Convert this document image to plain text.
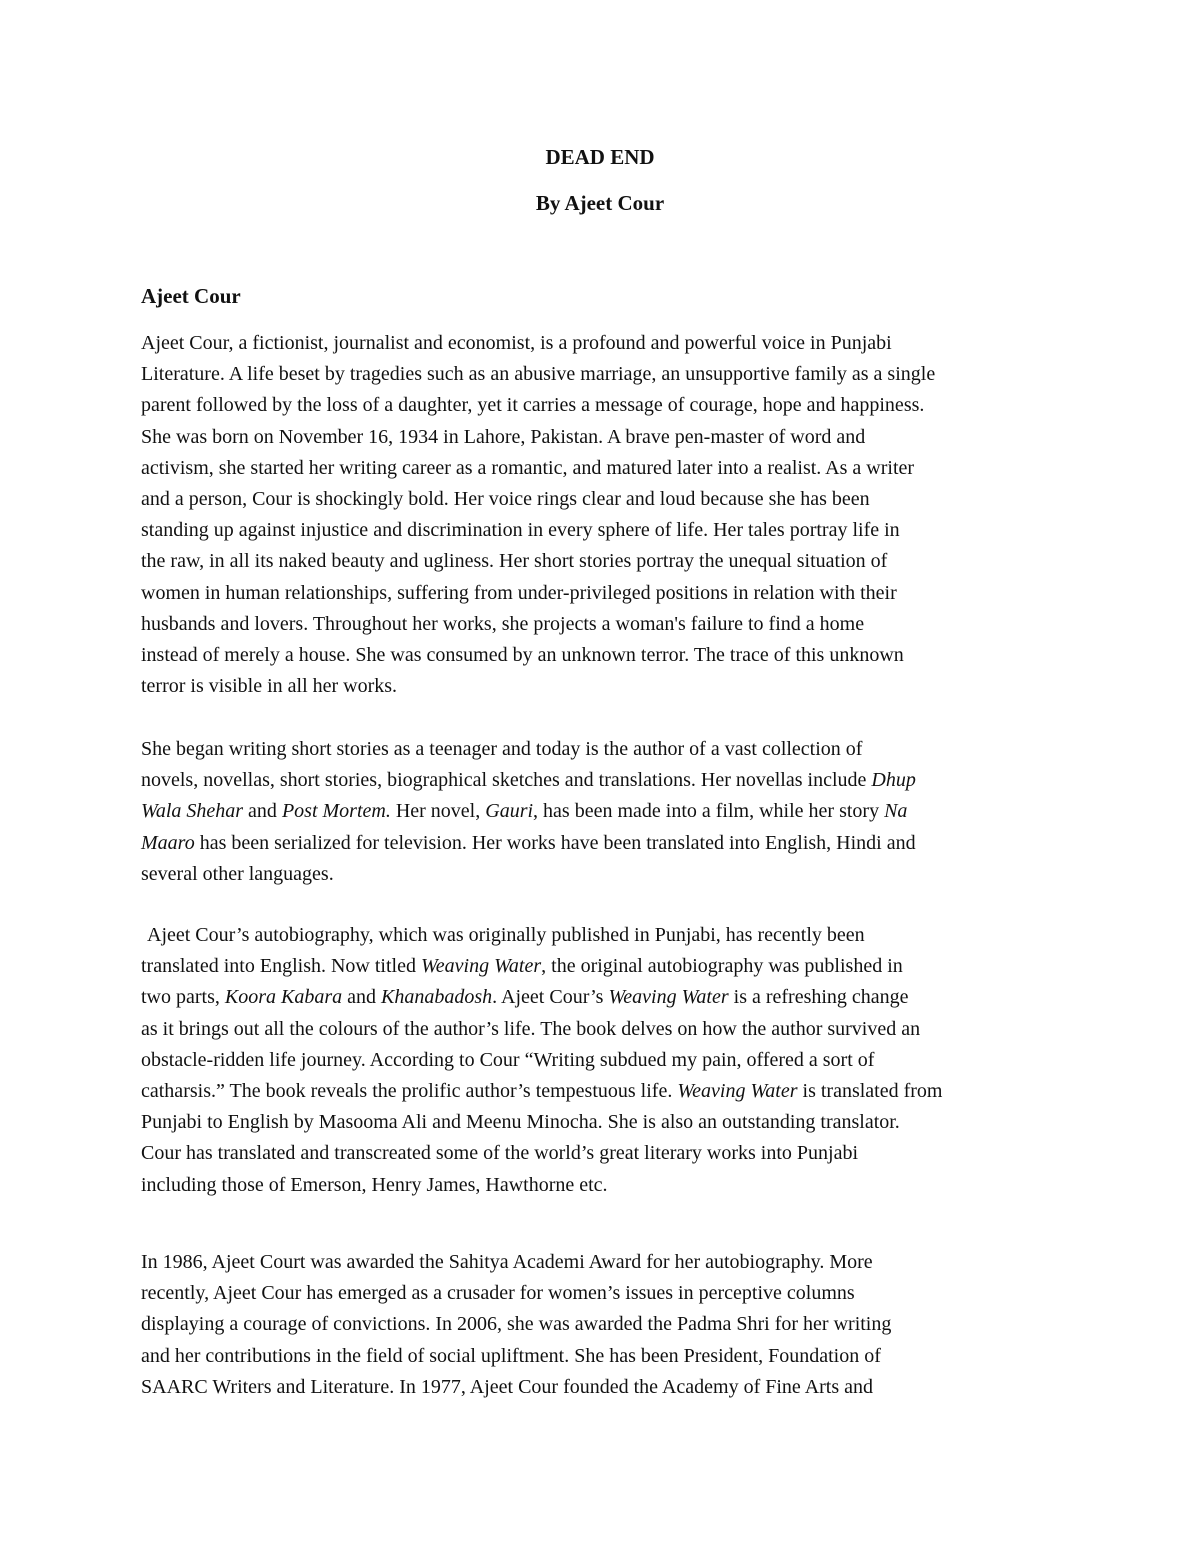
DEAD END
By Ajeet Cour
Ajeet Cour
Ajeet Cour, a fictionist, journalist and economist, is a profound and powerful voice in Punjabi
Literature. A life beset by tragedies such as an abusive marriage, an unsupportive family as a single
parent followed by the loss of a daughter, yet it carries a message of courage, hope and happiness.
She was born on November 16, 1934 in Lahore, Pakistan. A brave pen-master of word and
activism, she started her writing career as a romantic, and matured later into a realist. As a writer
and a person, Cour is shockingly bold. Her voice rings clear and loud because she has been
standing up against injustice and discrimination in every sphere of life. Her tales portray life in
the raw, in all its naked beauty and ugliness. Her short stories portray the unequal situation of
women in human relationships, suffering from under-privileged positions in relation with their
husbands and lovers. Throughout her works, she projects a woman's failure to find a home
instead of merely a house. She was consumed by an unknown terror. The trace of this unknown
terror is visible in all her works.
She began writing short stories as a teenager and today is the author of a vast collection of
novels, novellas, short stories, biographical sketches and translations. Her novellas include Dhup
Wala Shehar and Post Mortem. Her novel, Gauri, has been made into a film, while her story Na
Maaro has been serialized for television. Her works have been translated into English, Hindi and
several other languages.
Ajeet Cour’s autobiography, which was originally published in Punjabi, has recently been
translated into English. Now titled Weaving Water, the original autobiography was published in
two parts, Koora Kabara and Khanabadosh. Ajeet Cour’s Weaving Water is a refreshing change
as it brings out all the colours of the author’s life. The book delves on how the author survived an
obstacle-ridden life journey. According to Cour “Writing subdued my pain, offered a sort of
catharsis.” The book reveals the prolific author’s tempestuous life. Weaving Water is translated from
Punjabi to English by Masooma Ali and Meenu Minocha. She is also an outstanding translator.
Cour has translated and transcreated some of the world’s great literary works into Punjabi
including those of Emerson, Henry James, Hawthorne etc.
In 1986, Ajeet Court was awarded the Sahitya Academi Award for her autobiography. More
recently, Ajeet Cour has emerged as a crusader for women’s issues in perceptive columns
displaying a courage of convictions. In 2006, she was awarded the Padma Shri for her writing
and her contributions in the field of social upliftment. She has been President, Foundation of
SAARC Writers and Literature. In 1977, Ajeet Cour founded the Academy of Fine Arts and
